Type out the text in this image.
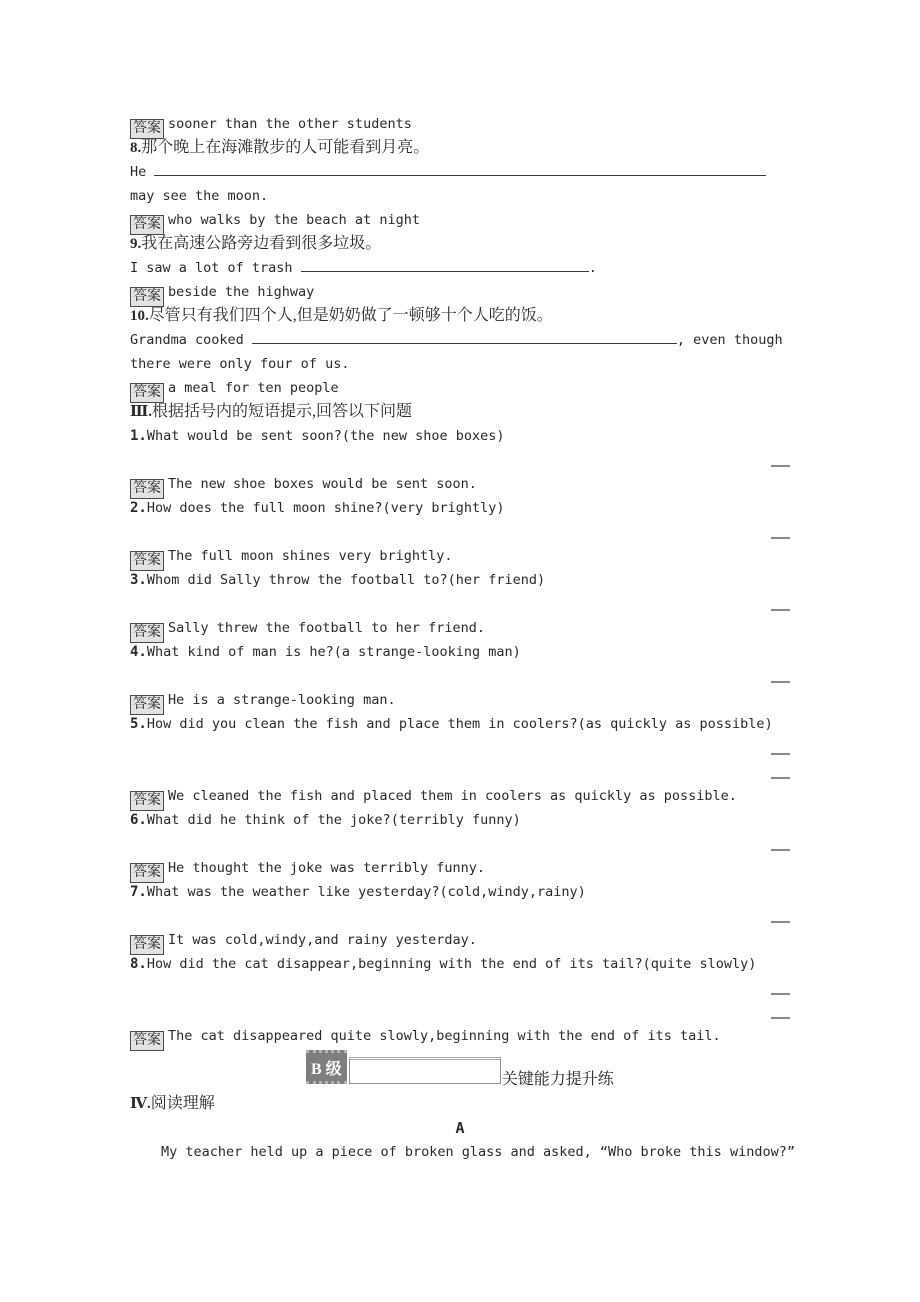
答案 sooner than the other students
8.那个晚上在海滩散步的人可能看到月亮。
He
may see the moon.
答案 who walks by the beach at night
9.我在高速公路旁边看到很多垃圾。
I saw a lot of trash	.
答案 beside the highway
10.尽管只有我们四个人,但是奶奶做了一顿够十个人吃的饭。
Grandma cooked	, even though
there were only four of us.
答案 a meal for ten people
Ⅲ.根据括号内的短语提示,回答以下问题
1.What would be sent soon?(the new shoe boxes)
答案 The new shoe boxes would be sent soon.
2.How does the full moon shine?(very brightly)
答案 The full moon shines very brightly.
3.Whom did Sally throw the football to?(her friend)
答案 Sally threw the football to her friend.
4.What kind of man is he?(a strange-looking man)
答案 He is a strange-looking man.
5.How did you clean the fish and place them in coolers?(as quickly as possible)
答案 We cleaned the fish and placed them in coolers as quickly as possible.
6.What did he think of the joke?(terribly funny)
答案 He thought the joke was terribly funny.
7.What was the weather like yesterday?(cold,windy,rainy)
答案 It was cold,windy,and rainy yesterday.
8.How did the cat disappear,beginning with the end of its tail?(quite slowly)
答案 The cat disappeared quite slowly,beginning with the end of its tail.
B 级
关键能力提升练
Ⅳ.阅读理解
A
My teacher held up a piece of broken glass and asked, “Who broke this window?”
